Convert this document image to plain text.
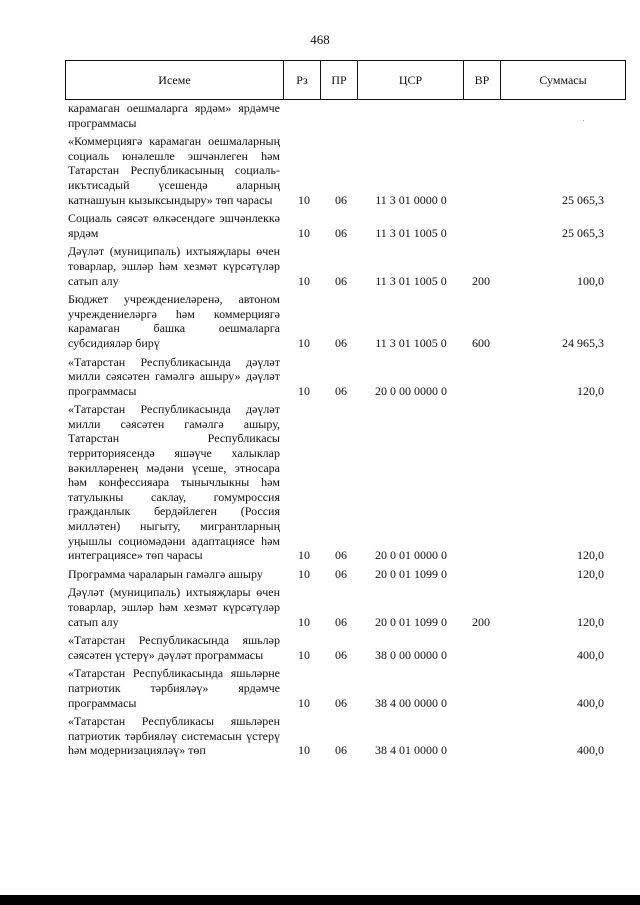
468
Исеме	Рз	ПР	ЦСР	ВР	Суммасы
карамаган оешмаларга ярдәм» ярдәмче программасы
«Коммерциягә карамаган оешмаларның социаль юнәлешле эшчәнлеген һәм Татарстан Республикасының социаль-икътисадый үсешендә аларның катнашуын кызыксындыру» төп чарасы	10	06	11 3 01 0000 0	25 065,3
Социаль сәясәт өлкәсендәге эшчәнлеккә ярдәм	10	06	11 3 01 1005 0	25 065,3
Дәүләт (муниципаль) ихтыяҗлары өчен товарлар, эшләр һәм хезмәт күрсәтүләр сатып алу	10	06	11 3 01 1005 0	200	100,0
Бюджет учреждениеләренә, автоном учреждениеләргә һәм коммерциягә карамаган башка оешмаларга субсидияләр бирү	10	06	11 3 01 1005 0	600	24 965,3
«Татарстан Республикасында дәүләт милли сәясәтен гамәлгә ашыру» дәүләт программасы	10	06	20 0 00 0000 0	120,0
«Татарстан Республикасында дәүләт милли сәясәтен гамәлгә ашыру, Татарстан Республикасы территориясендә яшәүче халыклар вәкилләренең мәдәни үсеше, этносара һәм конфессияара тынычлыкны һәм татулыкны саклау, гомумроссия гражданлык бердәйлеген (Россия милләтен) ныгыту, мигрантларның уңышлы социомәдәни адаптациясе һәм интеграциясе» төп чарасы	10	06	20 0 01 0000 0	120,0
Программа чараларын гамәлгә ашыру	10	06	20 0 01 1099 0	120,0
Дәүләт (муниципаль) ихтыяҗлары өчен товарлар, эшләр һәм хезмәт күрсәтүләр сатып алу	10	06	20 0 01 1099 0	200	120,0
«Татарстан Республикасында яшьләр сәясәтен үстерү» дәүләт программасы	10	06	38 0 00 0000 0	400,0
«Татарстан Республикасында яшьләрне патриотик тәрбияләү» ярдәмче программасы	10	06	38 4 00 0000 0	400,0
«Татарстан Республикасы яшьләрен патриотик тәрбияләү системасын үстерү һәм модернизацияләү» төп	10	06	38 4 01 0000 0	400,0
